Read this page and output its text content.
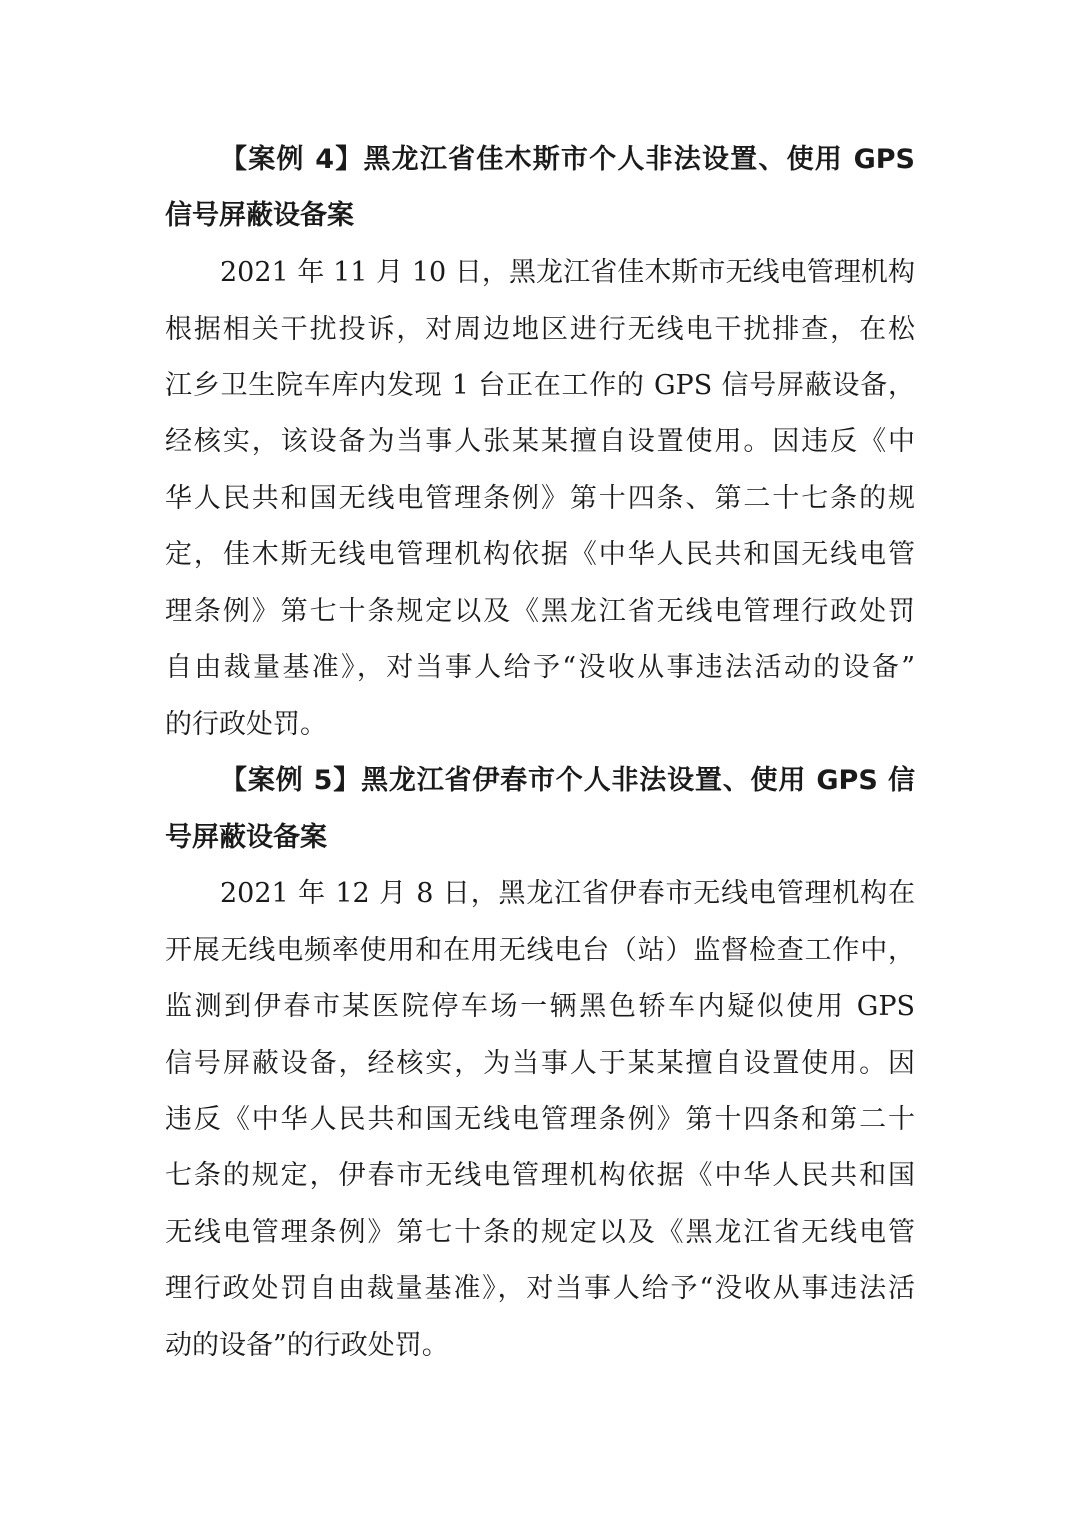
【案例 4】黑龙江省佳木斯市个人非法设置、使用 GPS
信号屏蔽设备案
2021 年 11 月 10 日，黑龙江省佳木斯市无线电管理机构
根据相关干扰投诉，对周边地区进行无线电干扰排查，在松
江乡卫生院车库内发现 1 台正在工作的 GPS 信号屏蔽设备，
经核实，该设备为当事人张某某擅自设置使用。因违反《中
华人民共和国无线电管理条例》第十四条、第二十七条的规
定，佳木斯无线电管理机构依据《中华人民共和国无线电管
理条例》第七十条规定以及《黑龙江省无线电管理行政处罚
自由裁量基准》，对当事人给予“没收从事违法活动的设备”
的行政处罚。
【案例 5】黑龙江省伊春市个人非法设置、使用 GPS 信
号屏蔽设备案
2021 年 12 月 8 日，黑龙江省伊春市无线电管理机构在
开展无线电频率使用和在用无线电台（站）监督检查工作中，
监测到伊春市某医院停车场一辆黑色轿车内疑似使用 GPS
信号屏蔽设备，经核实，为当事人于某某擅自设置使用。因
违反《中华人民共和国无线电管理条例》第十四条和第二十
七条的规定，伊春市无线电管理机构依据《中华人民共和国
无线电管理条例》第七十条的规定以及《黑龙江省无线电管
理行政处罚自由裁量基准》，对当事人给予“没收从事违法活
动的设备”的行政处罚。
